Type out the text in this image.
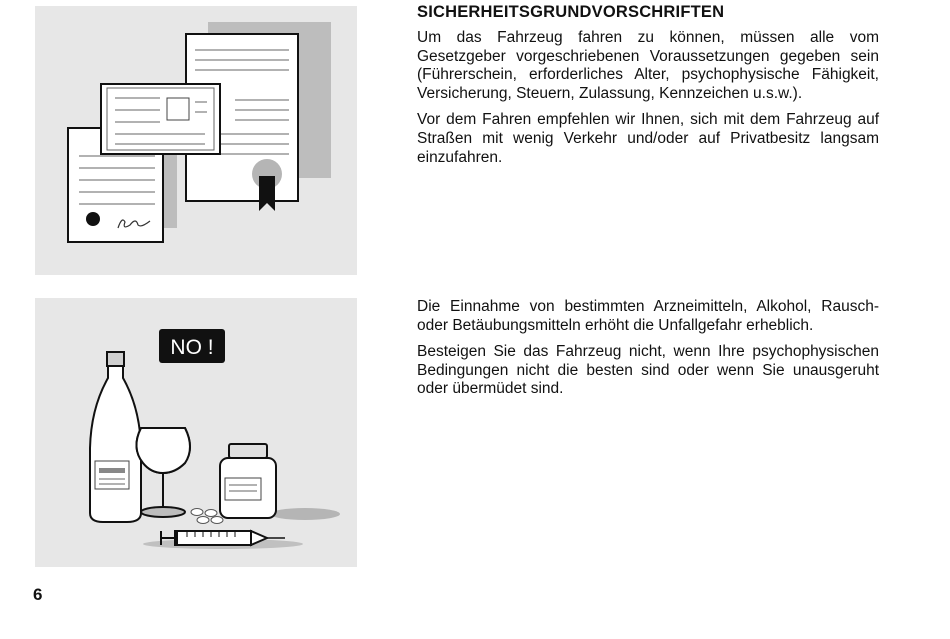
SICHERHEITSGRUNDVORSCHRIFTEN

Um das Fahrzeug fahren zu können, müssen alle vom Gesetzgeber vorgeschriebenen Voraussetzungen gegeben sein (Führerschein, erforderliches Alter, psychophysische Fähigkeit, Versicherung, Steuern, Zulassung, Kennzeichen u.s.w.).

Vor dem Fahren empfehlen wir Ihnen, sich mit dem Fahrzeug auf Straßen mit wenig Verkehr und/oder auf Privatbesitz langsam einzufahren.

NO !

Die Einnahme von bestimmten Arzneimitteln, Alkohol, Rausch- oder Betäubungsmitteln erhöht die Unfallgefahr erheblich.

Besteigen Sie das Fahrzeug nicht, wenn Ihre psychophysischen Bedingungen nicht die besten sind oder wenn Sie unausgeruht oder übermüdet sind.

6
